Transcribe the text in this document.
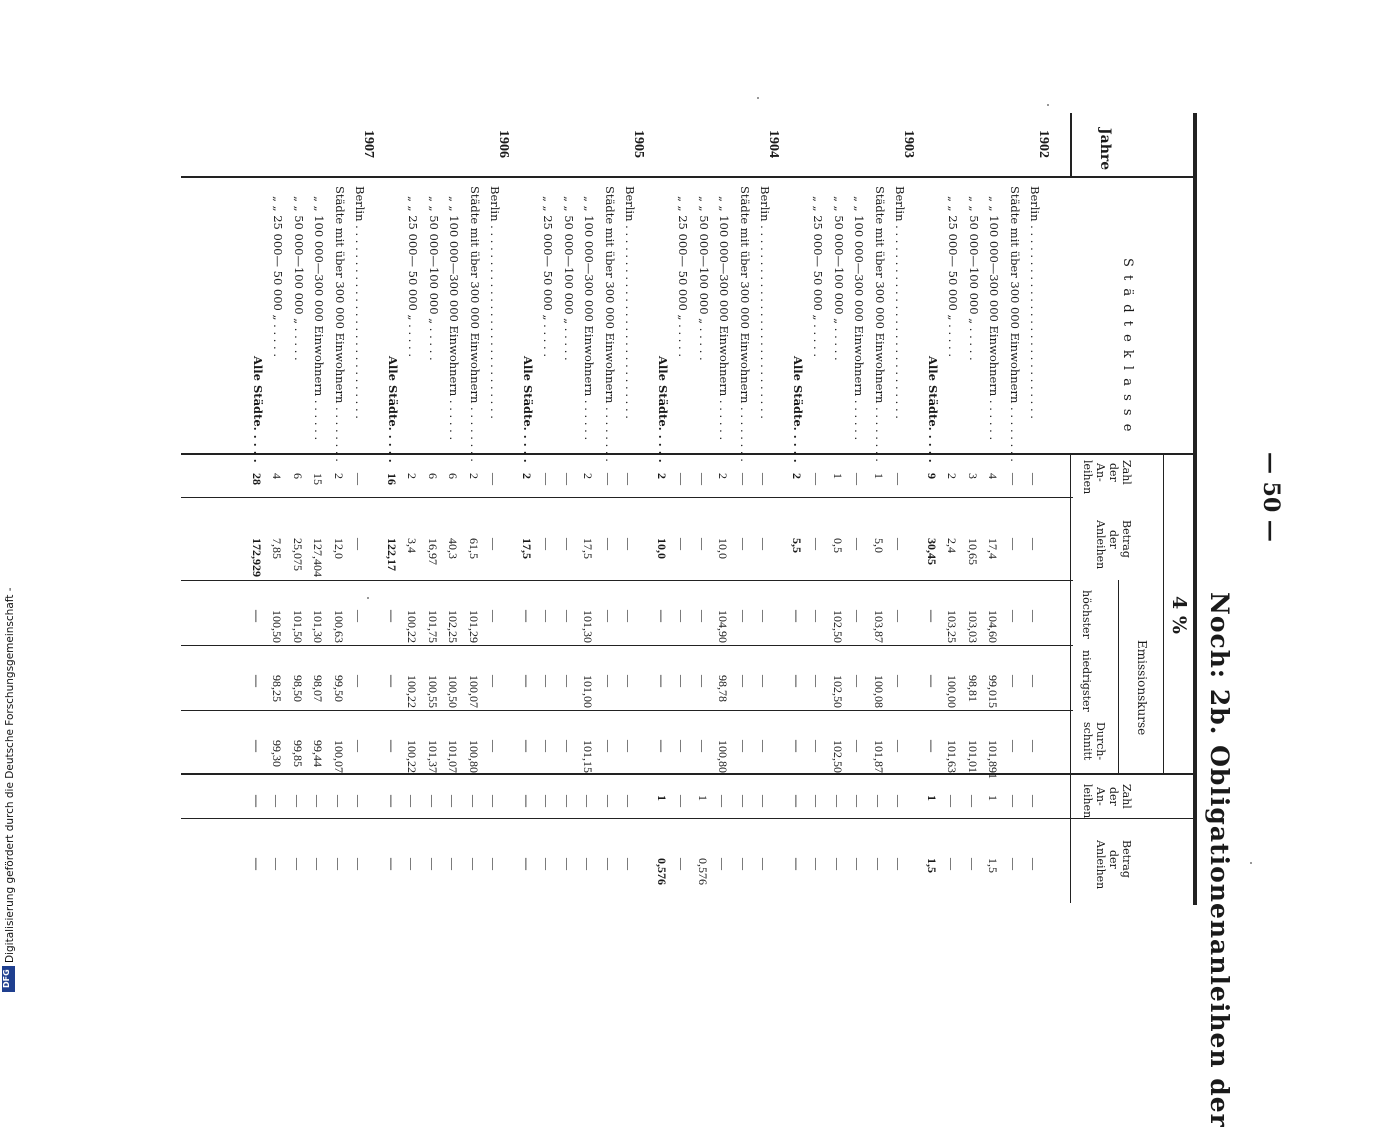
— 50 —
Noch: 2b. Obligationenanleihen der
Jahre
S t ä d t e k l a s s e
4 %
Emissionskurse
Zahl
der
An-
leihen
Betrag
der
Anleihen
höchster
niedrigster
Durch-
schnitt
Zahl
der
An-
leihen
Betrag
der
Anleihen
1902
Berlin . . . . . . . . . . . . . . . . . . . . . . . . . . .
—
—
—
—
—
—
—
Städte mit über 300 000 Einwohnern . . . . . . . .
—
—
—
—
—
—
—
„ „ 100 000—300 000 Einwohnern . . . . . .
4
17,4
104,60
99,015
101,891
1
1,5
„ „ 50 000—100 000 „ . . . . .
3
10,65
103,03
98,81
101,01
—
—
„ „ 25 000— 50 000 „ . . . . .
2
2,4
103,25
100,00
101,63
—
—
Alle Städte. . . . .
9
30,45
—
—
—
1
1,5
1903
Berlin . . . . . . . . . . . . . . . . . . . . . . . . . . .
—
—
—
—
—
—
—
Städte mit über 300 000 Einwohnern . . . . . . . .
1
5,0
103,87
100,08
101,87
—
—
„ „ 100 000—300 000 Einwohnern . . . . . .
—
—
—
—
—
—
—
„ „ 50 000—100 000 „ . . . . .
1
0,5
102,50
102,50
102,50
—
—
„ „ 25 000— 50 000 „ . . . . .
—
—
—
—
—
—
—
Alle Städte. . . . .
2
5,5
—
—
—
—
—
1904
Berlin . . . . . . . . . . . . . . . . . . . . . . . . . . .
—
—
—
—
—
—
—
Städte mit über 300 000 Einwohnern . . . . . . . .
—
—
—
—
—
—
—
„ „ 100 000—300 000 Einwohnern . . . . . .
2
10,0
104,90
98,78
100,80
—
—
„ „ 50 000—100 000 „ . . . . .
—
—
—
—
—
1
0,576
„ „ 25 000— 50 000 „ . . . . .
—
—
—
—
—
—
—
Alle Städte. . . . .
2
10,0
—
—
—
1
0,576
1905
Berlin . . . . . . . . . . . . . . . . . . . . . . . . . . .
—
—
—
—
—
—
—
Städte mit über 300 000 Einwohnern . . . . . . . .
—
—
—
—
—
—
—
„ „ 100 000—300 000 Einwohnern . . . . . .
2
17,5
101,30
101,00
101,15
—
—
„ „ 50 000—100 000 „ . . . . .
—
—
—
—
—
—
—
„ „ 25 000— 50 000 „ . . . . .
—
—
—
—
—
—
—
Alle Städte. . . . .
2
17,5
—
—
—
—
—
1906
Berlin . . . . . . . . . . . . . . . . . . . . . . . . . . .
—
—
—
—
—
—
—
Städte mit über 300 000 Einwohnern . . . . . . . .
2
61,5
101,29
100,07
100,80
—
—
„ „ 100 000—300 000 Einwohnern . . . . . .
6
40,3
102,25
100,50
101,07
—
—
„ „ 50 000—100 000 „ . . . . .
6
16,97
101,75
100,55
101,37
—
—
„ „ 25 000— 50 000 „ . . . . .
2
3,4
100,22
100,22
100,22
—
—
Alle Städte. . . . .
16
122,17
—
—
—
—
—
1907
Berlin . . . . . . . . . . . . . . . . . . . . . . . . . . .
—
—
—
—
—
—
—
Städte mit über 300 000 Einwohnern . . . . . . . .
2
12,0
100,63
99,50
100,07
—
—
„ „ 100 000—300 000 Einwohnern . . . . . .
15
127,404
101,30
98,07
99,44
—
—
„ „ 50 000—100 000 „ . . . . .
6
25,075
101,50
98,50
99,85
—
—
„ „ 25 000— 50 000 „ . . . . .
4
7,85
100,50
98,25
99,30
—
—
Alle Städte. . . . .
28
172,929
—
—
—
—
—
DFG
Digitalisierung gefördert durch die Deutsche Forschungsgemeinschaft -
